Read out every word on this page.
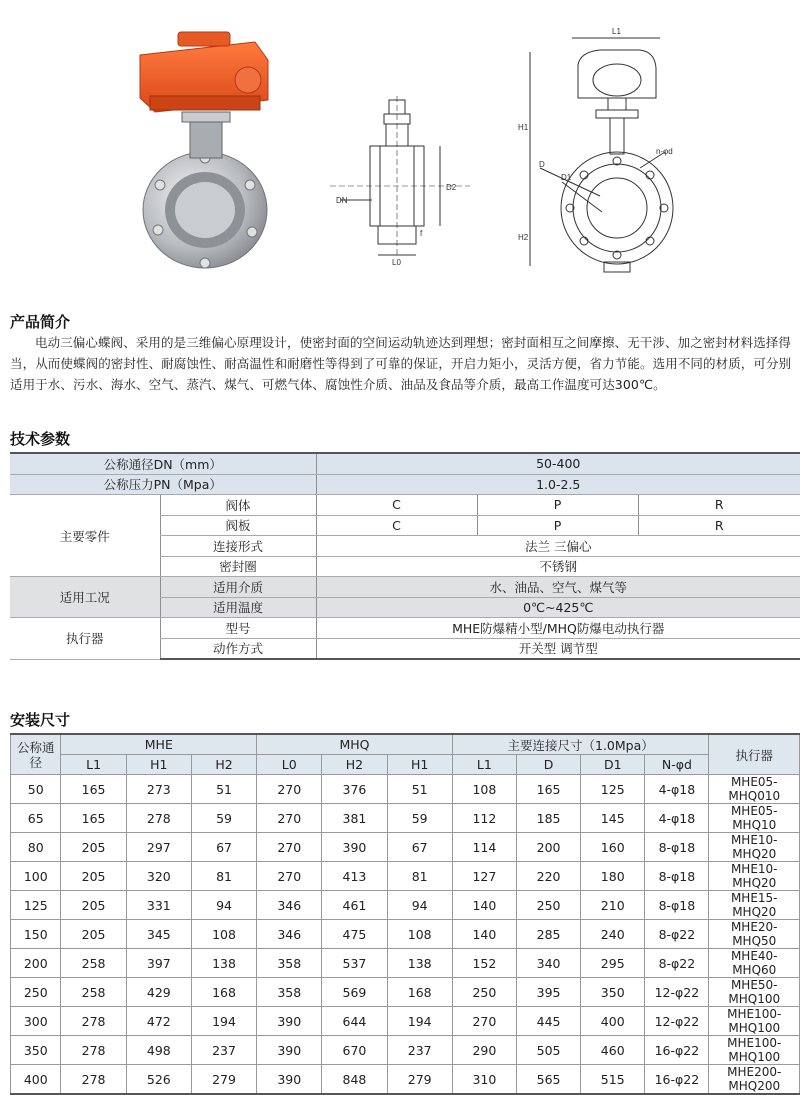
DN
D2
f
L0
L1
H1
H2
D
D1
n-φd
产品简介

电动三偏心蝶阀、采用的是三维偏心原理设计，使密封面的空间运动轨迹达到理想；密封面相互之间摩擦、无干涉、加之密封材料选择得当，从而使蝶阀的密封性、耐腐蚀性、耐高温性和耐磨性等得到了可靠的保证，开启力矩小，灵活方便，省力节能。选用不同的材质，可分别适用于水、污水、海水、空气、蒸汽、煤气、可燃气体、腐蚀性介质、油品及食品等介质，最高工作温度可达300℃。

技术参数
公称通径DN（mm）		50-400		
公称压力PN（Mpa）		1.0-2.5		
主要零件	阀体	C	P	R
	阀板	C	P	R
	连接形式	法兰 三偏心		
	密封圈	不锈钢		
适用工况	适用介质	水、油品、空气、煤气等		
	适用温度	0℃~425℃		
执行器	型号	MHE防爆精小型/MHQ防爆电动执行器		
	动作方式	开关型 调节型		
安装尺寸
公称通径	MHE			MHQ			主要连接尺寸（1.0Mpa）				执行器
	L1	H1	H2	L0	H2	H1	L1	D	D1	N-φd	
50	165	273	51	270	376	51	108	165	125	4-φ18	MHE05-MHQ010
65	165	278	59	270	381	59	112	185	145	4-φ18	MHE05-MHQ10
80	205	297	67	270	390	67	114	200	160	8-φ18	MHE10-MHQ20
100	205	320	81	270	413	81	127	220	180	8-φ18	MHE10-MHQ20
125	205	331	94	346	461	94	140	250	210	8-φ18	MHE15-MHQ20
150	205	345	108	346	475	108	140	285	240	8-φ22	MHE20-MHQ50
200	258	397	138	358	537	138	152	340	295	8-φ22	MHE40-MHQ60
250	258	429	168	358	569	168	250	395	350	12-φ22	MHE50-MHQ100
300	278	472	194	390	644	194	270	445	400	12-φ22	MHE100-MHQ100
350	278	498	237	390	670	237	290	505	460	16-φ22	MHE100-MHQ100
400	278	526	279	390	848	279	310	565	515	16-φ22	MHE200-MHQ200
